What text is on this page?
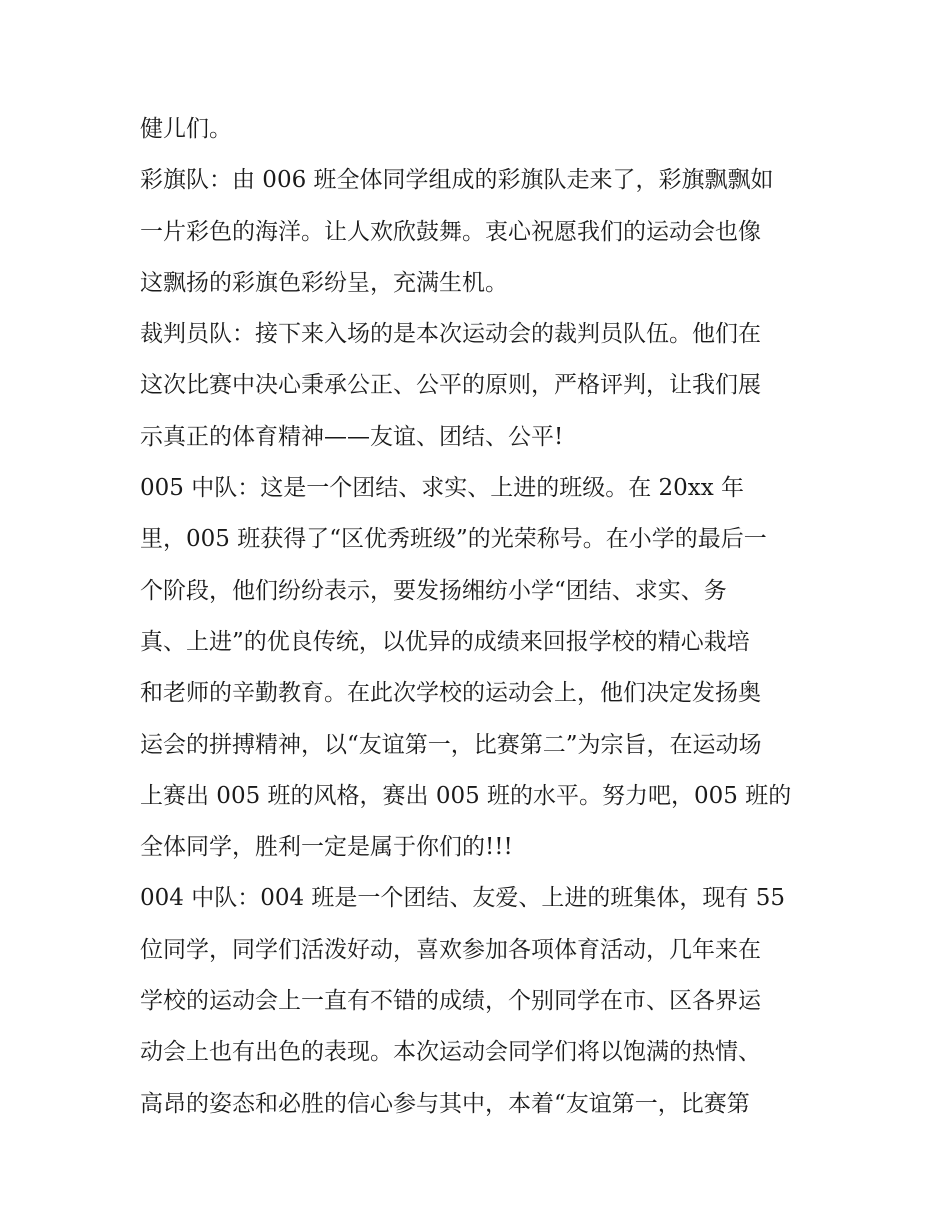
健儿们。
彩旗队：由 006 班全体同学组成的彩旗队走来了，彩旗飘飘如
一片彩色的海洋。让人欢欣鼓舞。衷心祝愿我们的运动会也像
这飘扬的彩旗色彩纷呈，充满生机。
裁判员队：接下来入场的是本次运动会的裁判员队伍。他们在
这次比赛中决心秉承公正、公平的原则，严格评判，让我们展
示真正的体育精神——友谊、团结、公平!
005 中队：这是一个团结、求实、上进的班级。在 20xx 年
里，005 班获得了“区优秀班级”的光荣称号。在小学的最后一
个阶段，他们纷纷表示，要发扬缃纺小学“团结、求实、务
真、上进”的优良传统，以优异的成绩来回报学校的精心栽培
和老师的辛勤教育。在此次学校的运动会上，他们决定发扬奥
运会的拼搏精神，以“友谊第一，比赛第二”为宗旨，在运动场
上赛出 005 班的风格，赛出 005 班的水平。努力吧，005 班的
全体同学，胜利一定是属于你们的!!!
004 中队：004 班是一个团结、友爱、上进的班集体，现有 55
位同学，同学们活泼好动，喜欢参加各项体育活动，几年来在
学校的运动会上一直有不错的成绩，个别同学在市、区各界运
动会上也有出色的表现。本次运动会同学们将以饱满的热情、
高昂的姿态和必胜的信心参与其中，本着“友谊第一，比赛第
